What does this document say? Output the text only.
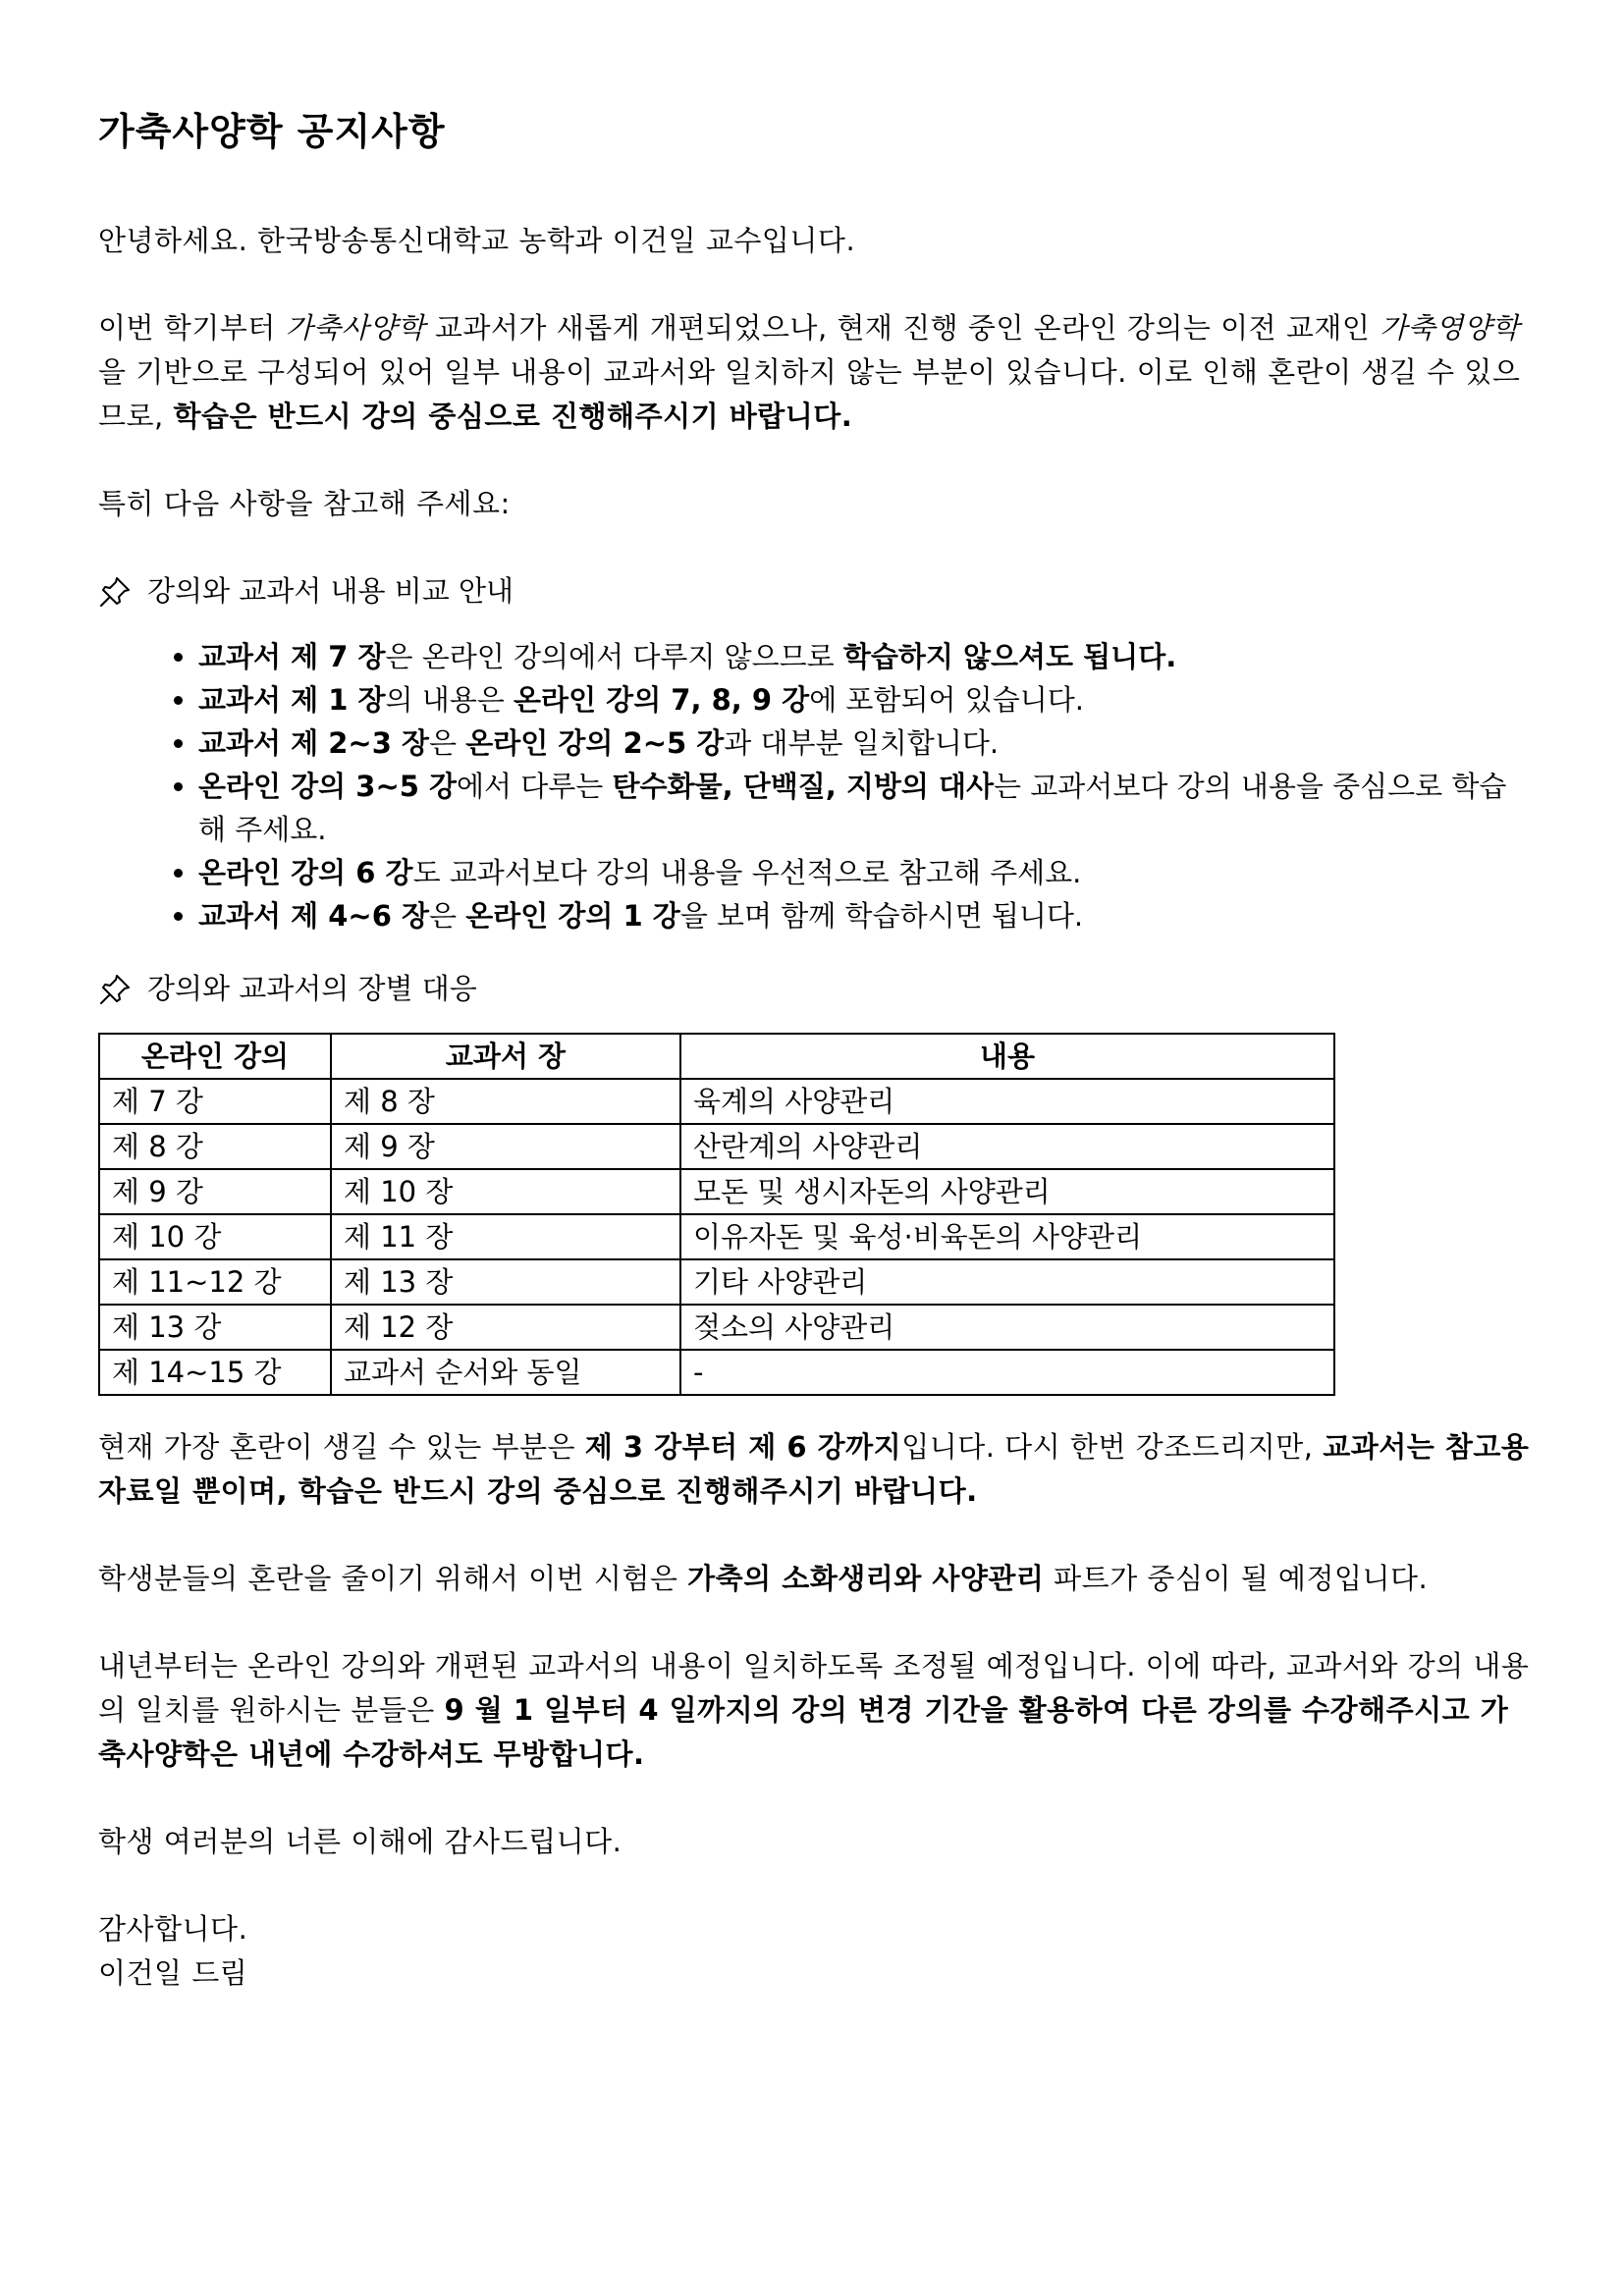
가축사양학 공지사항

안녕하세요. 한국방송통신대학교 농학과 이건일 교수입니다.

이번 학기부터 가축사양학 교과서가 새롭게 개편되었으나, 현재 진행 중인 온라인 강의는 이전 교재인 가축영양학을 기반으로 구성되어 있어 일부 내용이 교과서와 일치하지 않는 부분이 있습니다. 이로 인해 혼란이 생길 수 있으므로, 학습은 반드시 강의 중심으로 진행해주시기 바랍니다.

특히 다음 사항을 참고해 주세요:

강의와 교과서 내용 비교 안내
• 교과서 제 7 장은 온라인 강의에서 다루지 않으므로 학습하지 않으셔도 됩니다.
• 교과서 제 1 장의 내용은 온라인 강의 7, 8, 9 강에 포함되어 있습니다.
• 교과서 제 2~3 장은 온라인 강의 2~5 강과 대부분 일치합니다.
• 온라인 강의 3~5 강에서 다루는 탄수화물, 단백질, 지방의 대사는 교과서보다 강의 내용을 중심으로 학습해 주세요.
• 온라인 강의 6 강도 교과서보다 강의 내용을 우선적으로 참고해 주세요.
• 교과서 제 4~6 장은 온라인 강의 1 강을 보며 함께 학습하시면 됩니다.
강의와 교과서의 장별 대응
온라인 강의	교과서 장	내용
제 7 강	제 8 장	육계의 사양관리
제 8 강	제 9 장	산란계의 사양관리
제 9 강	제 10 장	모돈 및 생시자돈의 사양관리
제 10 강	제 11 장	이유자돈 및 육성·비육돈의 사양관리
제 11~12 강	제 13 장	기타 사양관리
제 13 강	제 12 장	젖소의 사양관리
제 14~15 강	교과서 순서와 동일	-

현재 가장 혼란이 생길 수 있는 부분은 제 3 강부터 제 6 강까지입니다. 다시 한번 강조드리지만, 교과서는 참고용 자료일 뿐이며, 학습은 반드시 강의 중심으로 진행해주시기 바랍니다.

학생분들의 혼란을 줄이기 위해서 이번 시험은 가축의 소화생리와 사양관리 파트가 중심이 될 예정입니다.

내년부터는 온라인 강의와 개편된 교과서의 내용이 일치하도록 조정될 예정입니다. 이에 따라, 교과서와 강의 내용의 일치를 원하시는 분들은 9 월 1 일부터 4 일까지의 강의 변경 기간을 활용하여 다른 강의를 수강해주시고 가축사양학은 내년에 수강하셔도 무방합니다.

학생 여러분의 너른 이해에 감사드립니다.

감사합니다.

이건일 드림
